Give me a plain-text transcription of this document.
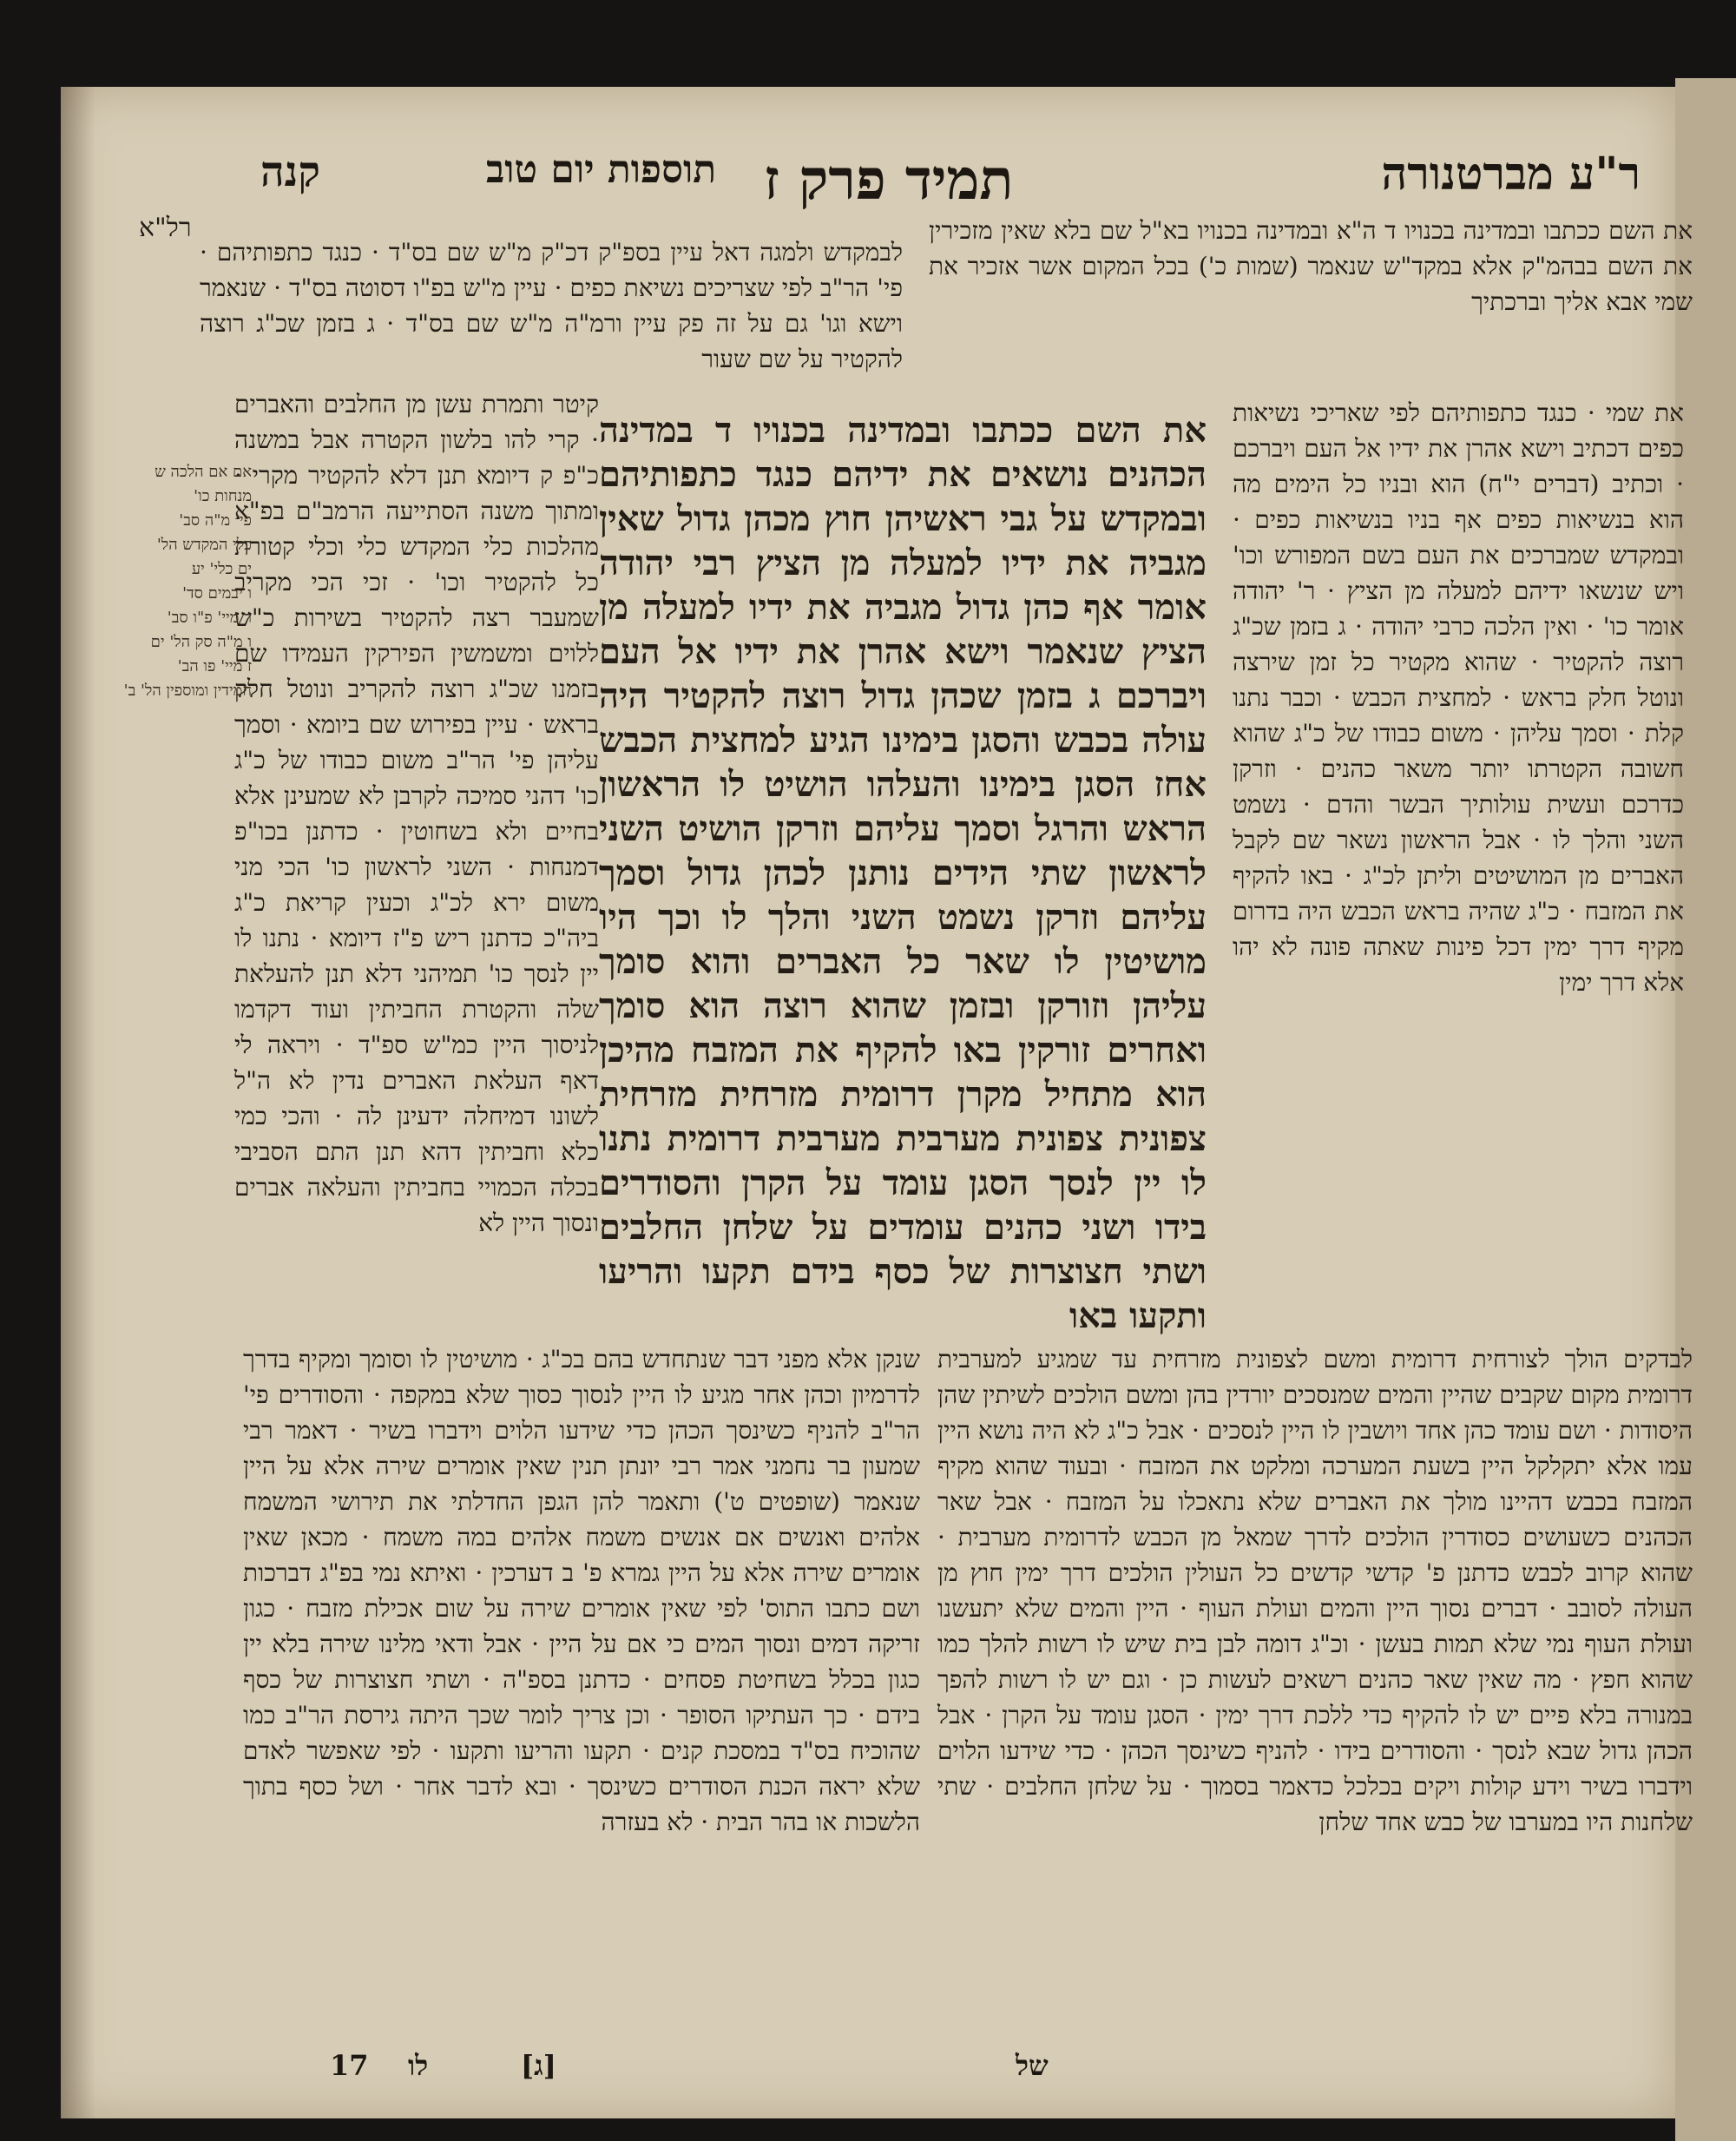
ר"ע מברטנורה
תמיד פרק ז
תוספות יום טוב
קנה
רל"א	את השם ככתבו ובמדינה בכנויו ד ה"א ובמדינה בכנויו בא"ל שם בלא שאין מזכירין את השם בבהמ"ק אלא במקד"ש שנאמר (שמות כ') בכל המקום אשר אזכיר את שמי אבא אליך וברכתיך

את שמי · כנגד כתפותיהם לפי שאריכי נשיאות כפים דכתיב וישא אהרן את ידיו אל העם ויברכם · וכתיב (דברים י"ח) הוא ובניו כל הימים מה הוא בנשיאות כפים אף בניו בנשיאות כפים · ובמקדש שמברכים את העם בשם המפורש וכו' ויש שנשאו ידיהם למעלה מן הציץ · ר' יהודה אומר כו' · ואין הלכה כרבי יהודה · ג בזמן שכ"ג רוצה להקטיר · שהוא מקטיר כל זמן שירצה ונוטל חלק בראש · למחצית הכבש · וכבר נתנו קלת · וסמך עליהן · משום כבודו של כ"ג שהוא חשובה הקטרתו יותר משאר כהנים · וזרקן כדרכם ועשית עולותיך הבשר והדם · נשמט השני והלך לו · אבל הראשון נשאר שם לקבל האברים מן המושיטים וליתן לכ"ג · באו להקיף את המזבח · כ"ג שהיה בראש הכבש היה בדרום מקיף דרך ימין דכל פינות שאתה פונה לא יהו אלא דרך ימין

את השם ככתבו ובמדינה בכנויו ד במדינה הכהנים נושאים את ידיהם כנגד כתפותיהם ובמקדש על גבי ראשיהן חוץ מכהן גדול שאין מגביה את ידיו למעלה מן הציץ רבי יהודה אומר אף כהן גדול מגביה את ידיו למעלה מן הציץ שנאמר וישא אהרן את ידיו אל העם ויברכם ג בזמן שכהן גדול רוצה להקטיר היה עולה בכבש והסגן בימינו הגיע למחצית הכבש אחז הסגן בימינו והעלהו הושיט לו הראשון הראש והרגל וסמך עליהם וזרקן הושיט השני לראשון שתי הידים נותנן לכהן גדול וסמך עליהם וזרקן נשמט השני והלך לו וכך היו מושיטין לו שאר כל האברים והוא סומך עליהן וזורקן ובזמן שהוא רוצה הוא סומך ואחרים זורקין באו להקיף את המזבח מהיכן הוא מתחיל מקרן דרומית מזרחית מזרחית צפונית צפונית מערבית מערבית דרומית נתנו לו יין לנסך הסגן עומד על הקרן והסודרים בידו ושני כהנים עומדים על שלחן החלבים ושתי חצוצרות של כסף בידם תקעו והריעו ותקעו באו

לבמקדש ולמגה דאל עיין בספ"ק דכ"ק מ"ש שם בס"ד · כנגד כתפותיהם · פי' הר"ב לפי שצריכים נשיאת כפים · עיין מ"ש בפ"ו דסוטה בס"ד · שנאמר וישא וגו' גם על זה פק עיין ורמ"ה מ"ש שם בס"ד · ג בזמן שכ"ג רוצה להקטיר על שם שעור

קיטר ותמרת עשן מן החלבים והאברים · קרי להו בלשון הקטרה אבל במשנה כ"פ ק דיומא תנן דלא להקטיר מקרי · ומתוך משנה הסתייעה הרמב"ם בפ"א מהלכות כלי המקדש כלי וכלי קטורת כל להקטיר וכו' · זכי הכי מקריב שמעבר רצה להקטיר בשירות כ"ש ללוים ומשמשין הפירקין העמידו שם בזמנו שכ"ג רוצה להקריב ונוטל חלק בראש · עיין בפירוש שם ביומא · וסמך עליהן פי' הר"ב משום כבודו של כ"ג כו' דהני סמיכה לקרבן לא שמעינן אלא בחיים ולא בשחוטין · כדתנן בכו"פ דמנחות · השני לראשון כו' הכי מני משום ירא לכ"ג וכעין קריאת כ"ג ביה"כ כדתנן ריש פ"ז דיומא · נתנו לו יין לנסך כו' תמיהני דלא תנן להעלאת שלה והקטרת החביתין ועוד דקדמו לניסוך היין כמ"ש ספ"ד · ויראה לי דאף העלאת האברים נדין לא ה"ל לשונו דמיחלה ידעינן לה · והכי כמי כלא וחביתין דהא תנן התם הסביבי בכלה הכמויי בחביתין והעלאה אברים ונסוך היין לא

אם אם הלכה ש
מנחות כו'
פי' מ"ה סב'
כלי המקדש הל'
ים כלי' יע
ו יבמים סד'
ר מיי' פ"ו סב'
ו מ"ה סק הל' ים
ז מיי' פו הב'
חמידין ומוספין הל' ב'

לבדקים הולך לצורחית דרומית ומשם לצפונית מזרחית עד שמגיע למערבית דרומית מקום שקבים שהיין והמים שמנסכים יורדין בהן ומשם הולכים לשיתין שהן היסודות · ושם עומד כהן אחד ויושבין לו היין לנסכים · אבל כ"ג לא היה נושא היין עמו אלא יתקלקל היין בשעת המערכה ומלקט את המזבח · ובעוד שהוא מקיף המזבח בכבש דהיינו מולך את האברים שלא נתאכלו על המזבח · אבל שאר הכהנים כשעושים כסודרין הולכים לדרך שמאל מן הכבש לדרומית מערבית · שהוא קרוב לכבש כדתנן פ' קדשי קדשים כל העולין הולכים דרך ימין חוץ מן העולה לסובב · דברים נסוך היין והמים ועולת העוף · היין והמים שלא יתעשנו ועולת העוף נמי שלא תמות בעשן · וכ"ג דומה לבן בית שיש לו רשות להלך כמו שהוא חפץ · מה שאין שאר כהנים רשאים לעשות כן · וגם יש לו רשות להפך במנורה בלא פיים יש לו להקיף כדי ללכת דרך ימין · הסגן עומד על הקרן · אבל הכהן גדול שבא לנסך · והסודרים בידו · להניף כשינסך הכהן · כדי שידעו הלוים וידברו בשיר וידע קולות ויקים בכלכל כדאמר בסמוך · על שלחן החלבים · שתי שלחנות היו במערבו של כבש אחד שלחן

שנקן אלא מפני דבר שנתחדש בהם בכ"ג · מושיטין לו וסומך ומקיף בדרך לדרמיון וכהן אחר מגיע לו היין לנסוך כסוך שלא במקפה · והסודרים פי' הר"ב להניף כשינסך הכהן כדי שידעו הלוים וידברו בשיר · דאמר רבי שמעון בר נחמני אמר רבי יונתן תנין שאין אומרים שירה אלא על היין שנאמר (שופטים ט') ותאמר להן הגפן החדלתי את תירושי המשמח אלהים ואנשים אם אנשים משמח אלהים במה משמח · מכאן שאין אומרים שירה אלא על היין גמרא פ' ב דערכין · ואיתא נמי בפ"ג דברכות ושם כתבו התוס' לפי שאין אומרים שירה על שום אכילת מזבח · כגון זריקה דמים ונסוך המים כי אם על היין · אבל ודאי מלינו שירה בלא יין כגון בכלל בשחיטת פסחים · כדתנן בספ"ה · ושתי חצוצרות של כסף בידם · כך העתיקו הסופר · וכן צריך לומר שכך היתה גירסת הר"ב כמו שהוכיח בס"ד במסכת קנים · תקעו והריעו ותקעו · לפי שאפשר לאדם שלא יראה הכנת הסודרים כשינסך · ובא לדבר אחר · ושל כסף בתוך הלשכות או בהר הבית · לא בעזרה

17 לו	[ג]	של
